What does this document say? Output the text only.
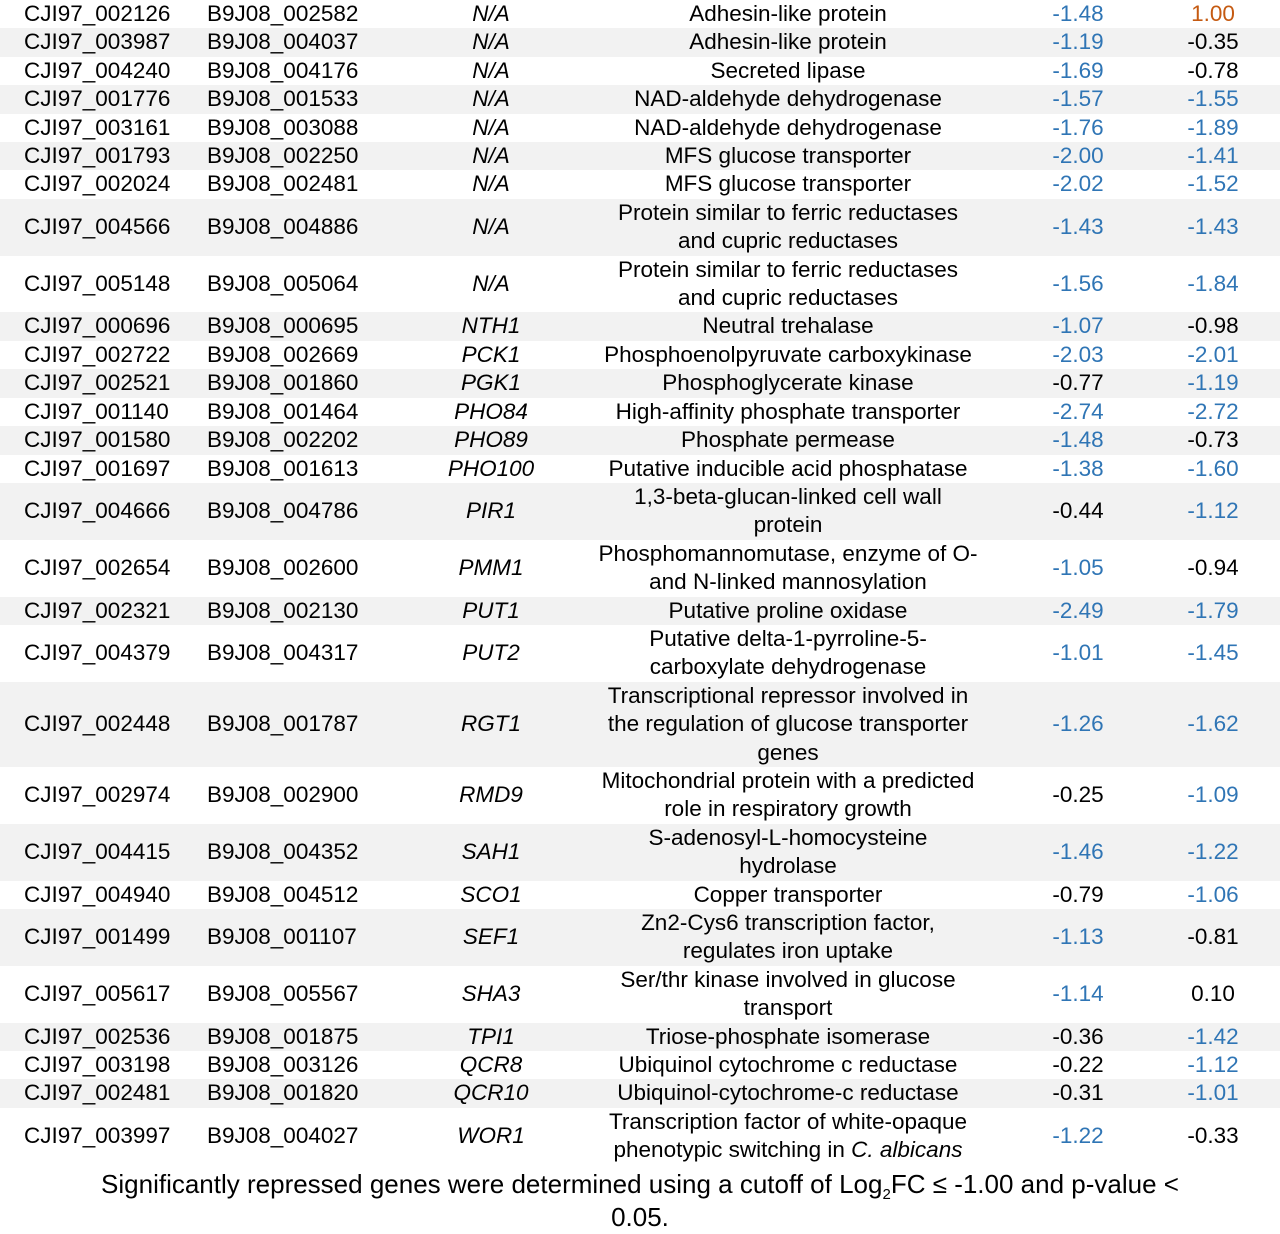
CJI97_002126	B9J08_002582	N/A	Adhesin-like protein	-1.48	1.00
CJI97_003987	B9J08_004037	N/A	Adhesin-like protein	-1.19	-0.35
CJI97_004240	B9J08_004176	N/A	Secreted lipase	-1.69	-0.78
CJI97_001776	B9J08_001533	N/A	NAD-aldehyde dehydrogenase	-1.57	-1.55
CJI97_003161	B9J08_003088	N/A	NAD-aldehyde dehydrogenase	-1.76	-1.89
CJI97_001793	B9J08_002250	N/A	MFS glucose transporter	-2.00	-1.41
CJI97_002024	B9J08_002481	N/A	MFS glucose transporter	-2.02	-1.52
CJI97_004566	B9J08_004886	N/A	Protein similar to ferric reductases
and cupric reductases	-1.43	-1.43
CJI97_005148	B9J08_005064	N/A	Protein similar to ferric reductases
and cupric reductases	-1.56	-1.84
CJI97_000696	B9J08_000695	NTH1	Neutral trehalase	-1.07	-0.98
CJI97_002722	B9J08_002669	PCK1	Phosphoenolpyruvate carboxykinase	-2.03	-2.01
CJI97_002521	B9J08_001860	PGK1	Phosphoglycerate kinase	-0.77	-1.19
CJI97_001140	B9J08_001464	PHO84	High-affinity phosphate transporter	-2.74	-2.72
CJI97_001580	B9J08_002202	PHO89	Phosphate permease	-1.48	-0.73
CJI97_001697	B9J08_001613	PHO100	Putative inducible acid phosphatase	-1.38	-1.60
CJI97_004666	B9J08_004786	PIR1	1,3-beta-glucan-linked cell wall
protein	-0.44	-1.12
CJI97_002654	B9J08_002600	PMM1	Phosphomannomutase, enzyme of O-
and N-linked mannosylation	-1.05	-0.94
CJI97_002321	B9J08_002130	PUT1	Putative proline oxidase	-2.49	-1.79
CJI97_004379	B9J08_004317	PUT2	Putative delta-1-pyrroline-5-
carboxylate dehydrogenase	-1.01	-1.45
CJI97_002448	B9J08_001787	RGT1	Transcriptional repressor involved in
the regulation of glucose transporter
genes	-1.26	-1.62
CJI97_002974	B9J08_002900	RMD9	Mitochondrial protein with a predicted
role in respiratory growth	-0.25	-1.09
CJI97_004415	B9J08_004352	SAH1	S-adenosyl-L-homocysteine
hydrolase	-1.46	-1.22
CJI97_004940	B9J08_004512	SCO1	Copper transporter	-0.79	-1.06
CJI97_001499	B9J08_001107	SEF1	Zn2-Cys6 transcription factor,
regulates iron uptake	-1.13	-0.81
CJI97_005617	B9J08_005567	SHA3	Ser/thr kinase involved in glucose
transport	-1.14	0.10
CJI97_002536	B9J08_001875	TPI1	Triose-phosphate isomerase	-0.36	-1.42
CJI97_003198	B9J08_003126	QCR8	Ubiquinol cytochrome c reductase	-0.22	-1.12
CJI97_002481	B9J08_001820	QCR10	Ubiquinol-cytochrome-c reductase	-0.31	-1.01
CJI97_003997	B9J08_004027	WOR1	Transcription factor of white-opaque
phenotypic switching in C. albicans	-1.22	-0.33
Significantly repressed genes were determined using a cutoff of Log$_2$FC ≤ -1.00 and p-value <
0.05.
